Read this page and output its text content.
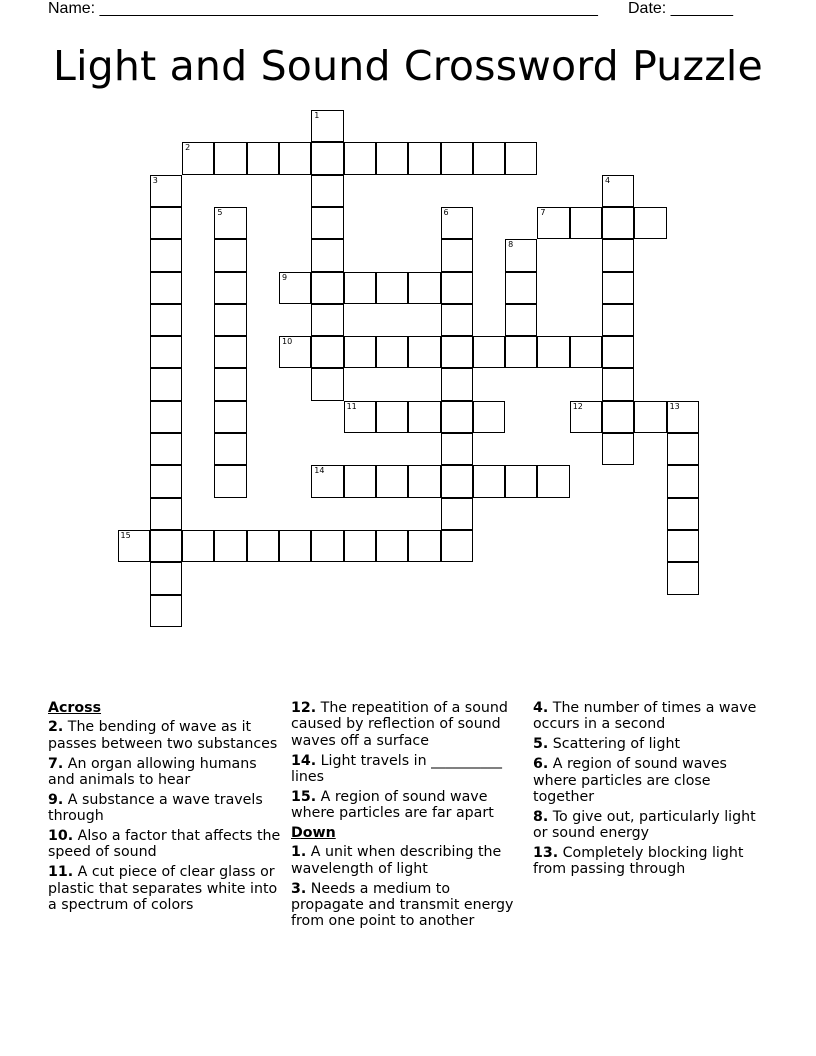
Name: ________________________________________________________ Date: _______
Light and Sound Crossword Puzzle
1
2
3	4
5	6	7
8
9
10
11	12	13
14
15
Across
2. The bending of wave as it passes between two substances
7. An organ allowing humans and animals to hear
9. A substance a wave travels through
10. Also a factor that affects the speed of sound
11. A cut piece of clear glass or plastic that separates white into a spectrum of colors
12. The repeatition of a sound caused by reflection of sound waves off a surface
14. Light travels in __________ lines
15. A region of sound wave where particles are far apart
Down
1. A unit when describing the wavelength of light
3. Needs a medium to propagate and transmit energy from one point to another
4. The number of times a wave occurs in a second
5. Scattering of light
6. A region of sound waves where particles are close together
8. To give out, particularly light or sound energy
13. Completely blocking light from passing through
